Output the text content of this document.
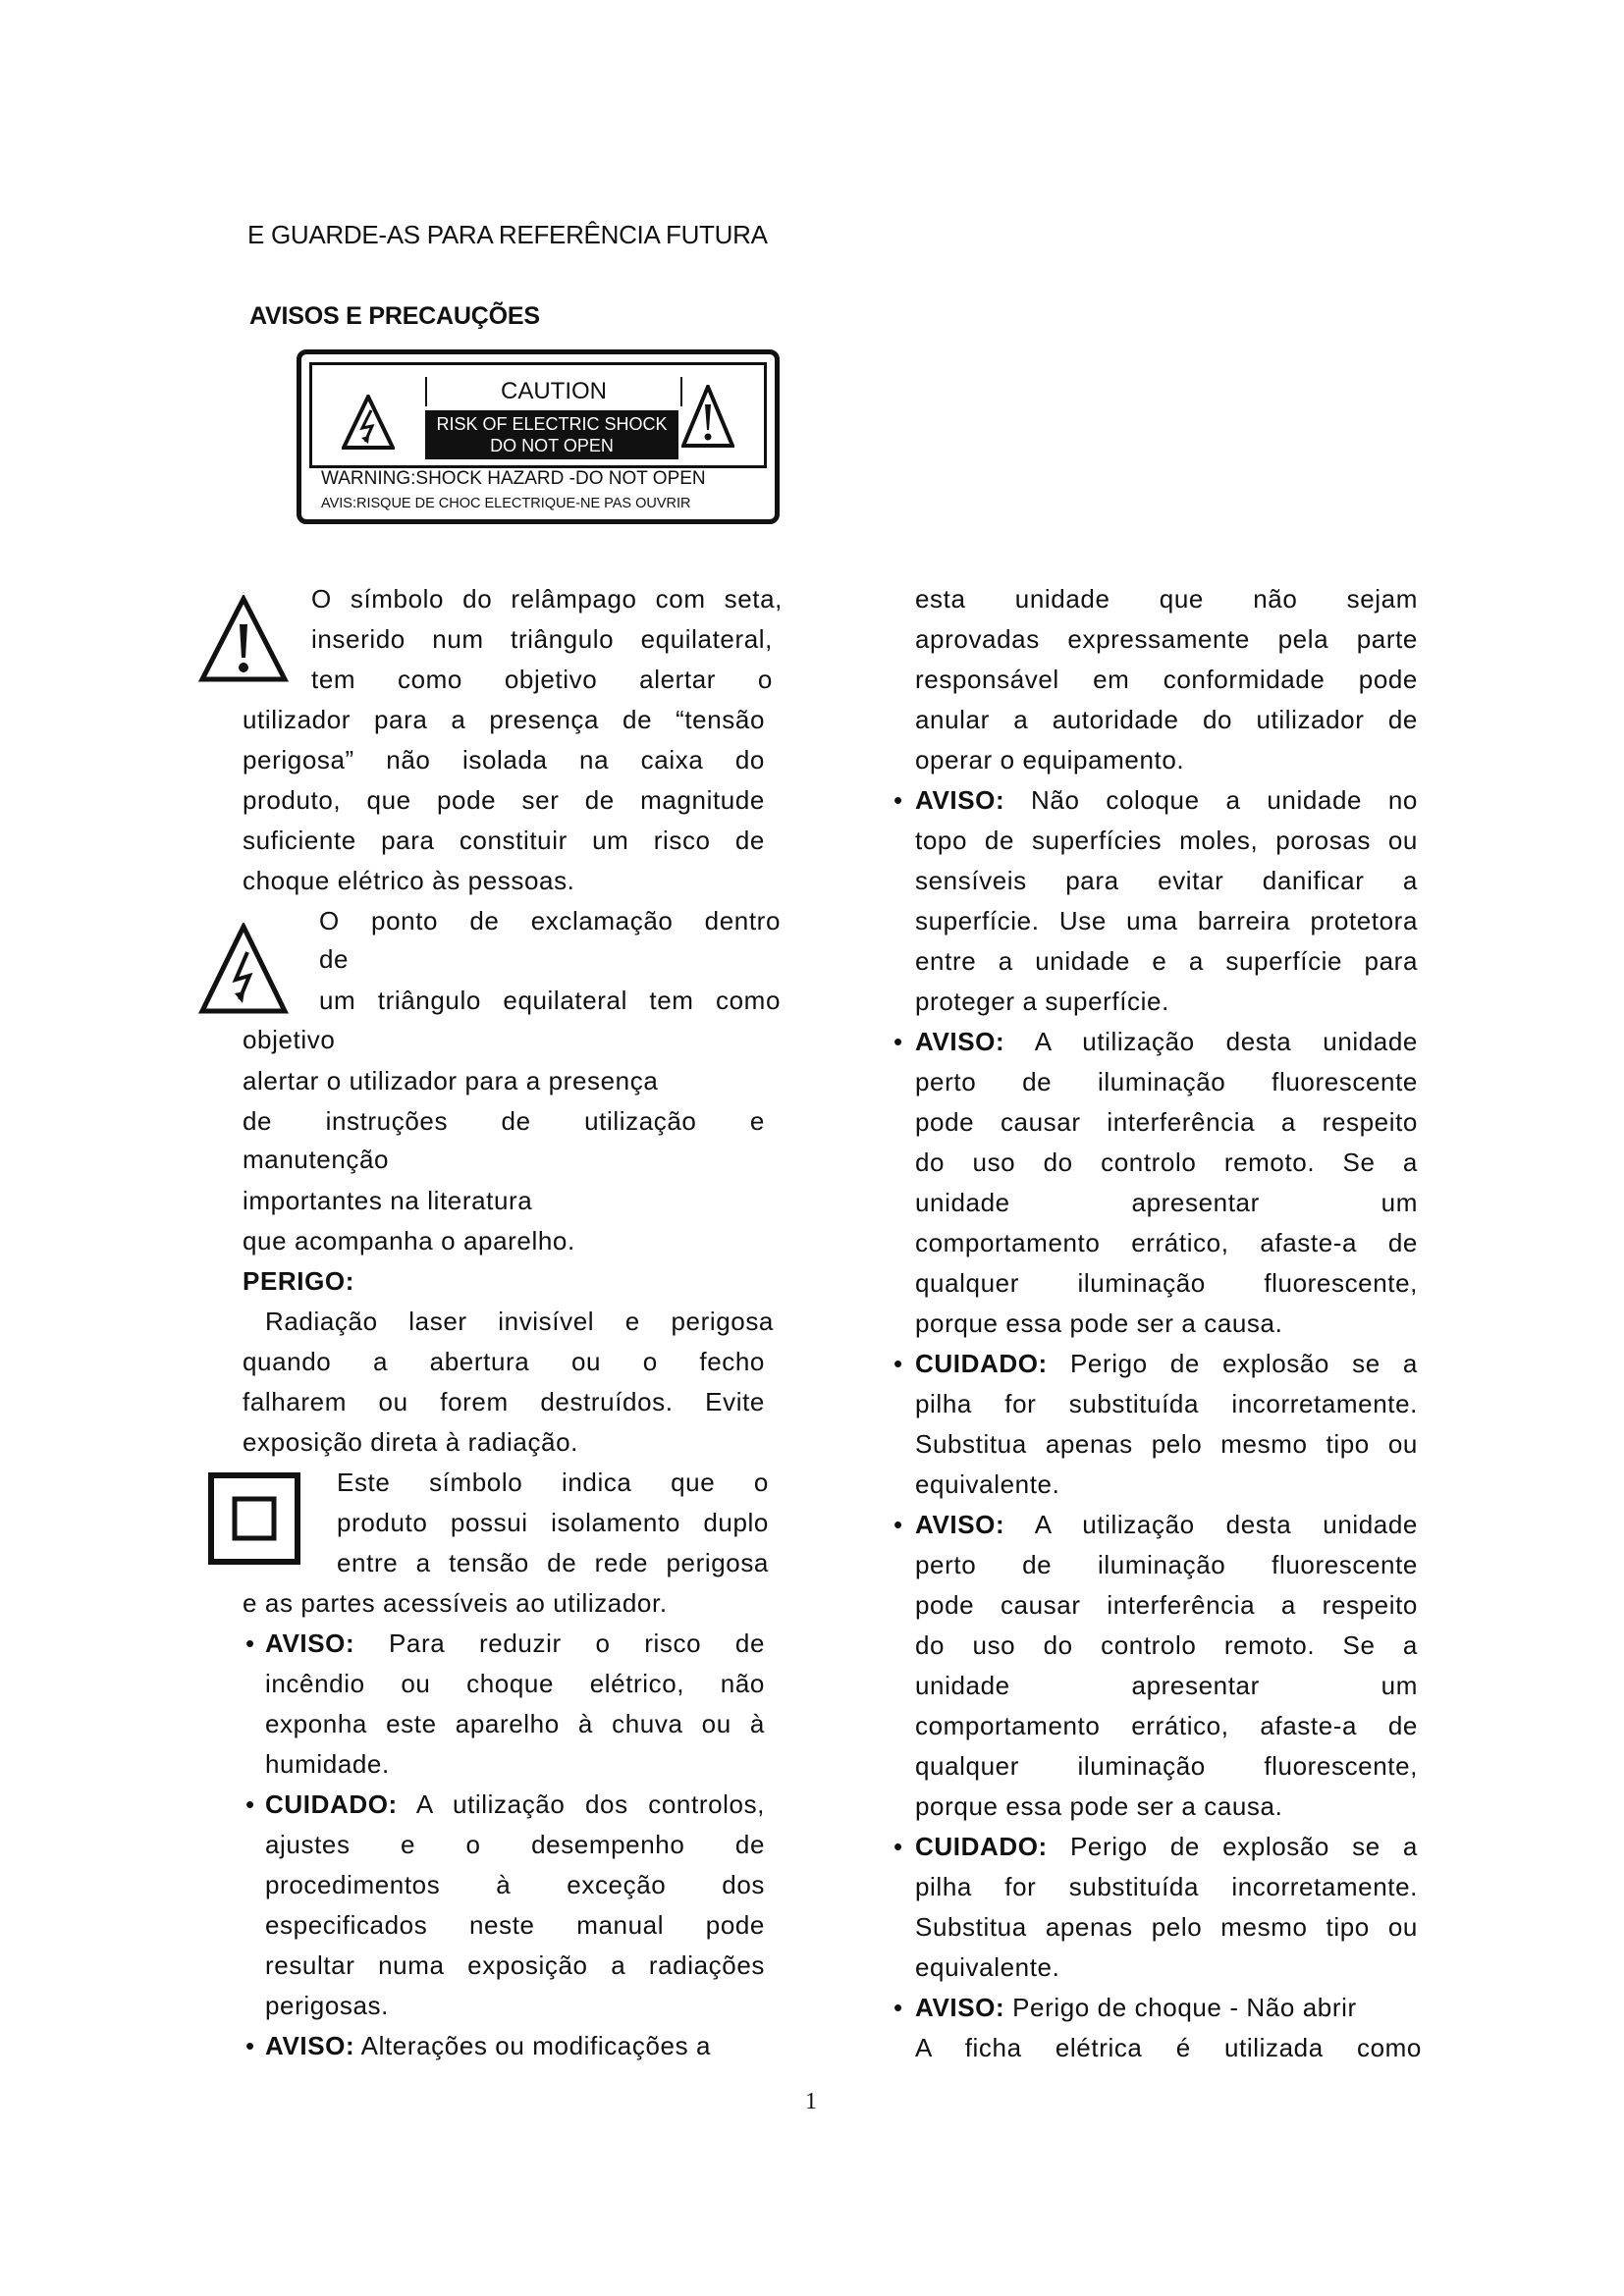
E GUARDE-AS PARA REFERÊNCIA FUTURA
AVISOS E PRECAUÇÕES
CAUTION
RISK OF ELECTRIC SHOCK
DO NOT OPEN
WARNING:SHOCK HAZARD -DO NOT OPEN
AVIS:RISQUE DE CHOC ELECTRIQUE-NE PAS OUVRIR
O símbolo do relâmpago com seta,
inserido num triângulo equilateral,
tem como objetivo alertar o
utilizador para a presença de “tensão
perigosa” não isolada na caixa do
produto, que pode ser de magnitude
suficiente para constituir um risco de
choque elétrico às pessoas.
O ponto de exclamação dentro
de
um triângulo equilateral tem como
objetivo
alertar o utilizador para a presença
de instruções de utilização e
manutenção
importantes na literatura
que acompanha o aparelho.
PERIGO:
Radiação laser invisível e perigosa
quando a abertura ou o fecho
falharem ou forem destruídos. Evite
exposição direta à radiação.
Este símbolo indica que o
produto possui isolamento duplo
entre a tensão de rede perigosa
e as partes acessíveis ao utilizador.
• AVISO: Para reduzir o risco de
incêndio ou choque elétrico, não
exponha este aparelho à chuva ou à
humidade.
• CUIDADO: A utilização dos controlos,
ajustes e o desempenho de
procedimentos à exceção dos
especificados neste manual pode
resultar numa exposição a radiações
perigosas.
• AVISO: Alterações ou modificações a
esta unidade que não sejam
aprovadas expressamente pela parte
responsável em conformidade pode
anular a autoridade do utilizador de
operar o equipamento.
• AVISO: Não coloque a unidade no
topo de superfícies moles, porosas ou
sensíveis para evitar danificar a
superfície. Use uma barreira protetora
entre a unidade e a superfície para
proteger a superfície.
• AVISO: A utilização desta unidade
perto de iluminação fluorescente
pode causar interferência a respeito
do uso do controlo remoto. Se a
unidade apresentar um
comportamento errático, afaste-a de
qualquer iluminação fluorescente,
porque essa pode ser a causa.
• CUIDADO: Perigo de explosão se a
pilha for substituída incorretamente.
Substitua apenas pelo mesmo tipo ou
equivalente.
• AVISO: A utilização desta unidade
perto de iluminação fluorescente
pode causar interferência a respeito
do uso do controlo remoto. Se a
unidade apresentar um
comportamento errático, afaste-a de
qualquer iluminação fluorescente,
porque essa pode ser a causa.
• CUIDADO: Perigo de explosão se a
pilha for substituída incorretamente.
Substitua apenas pelo mesmo tipo ou
equivalente.
• AVISO: Perigo de choque - Não abrir
A ficha elétrica é utilizada como
1
